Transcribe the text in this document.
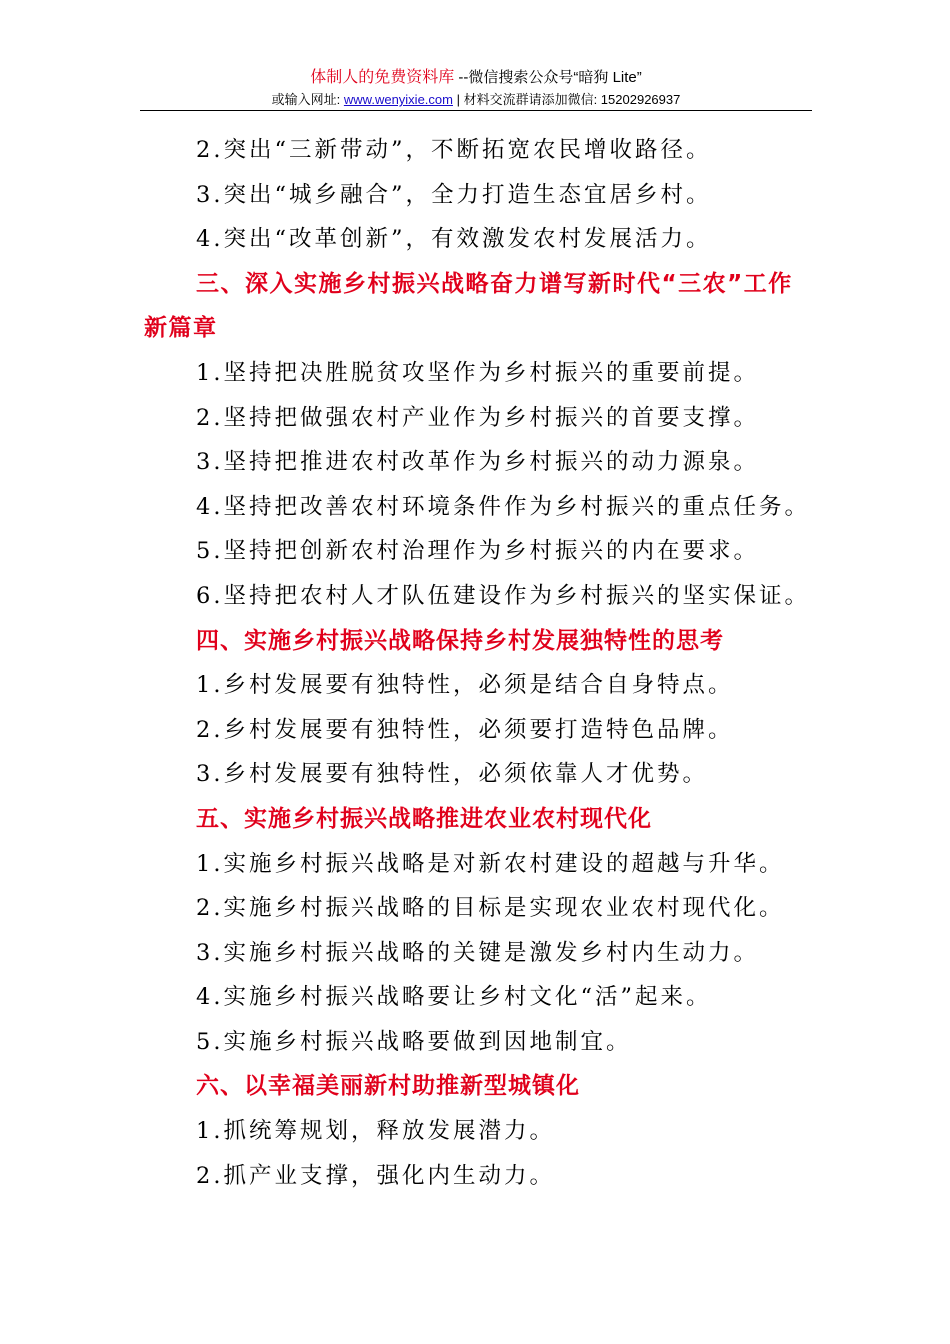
体制人的免费资料库 --微信搜索公众号“暗狗 Lite”
或输入网址: www.wenyixie.com | 材料交流群请添加微信: 15202926937
2.突出“三新带动”，不断拓宽农民增收路径。
3.突出“城乡融合”，全力打造生态宜居乡村。
4.突出“改革创新”，有效激发农村发展活力。
三、深入实施乡村振兴战略奋力谱写新时代“三农”工作新篇章
1.坚持把决胜脱贫攻坚作为乡村振兴的重要前提。
2.坚持把做强农村产业作为乡村振兴的首要支撑。
3.坚持把推进农村改革作为乡村振兴的动力源泉。
4.坚持把改善农村环境条件作为乡村振兴的重点任务。
5.坚持把创新农村治理作为乡村振兴的内在要求。
6.坚持把农村人才队伍建设作为乡村振兴的坚实保证。
四、实施乡村振兴战略保持乡村发展独特性的思考
1.乡村发展要有独特性，必须是结合自身特点。
2.乡村发展要有独特性，必须要打造特色品牌。
3.乡村发展要有独特性，必须依靠人才优势。
五、实施乡村振兴战略推进农业农村现代化
1.实施乡村振兴战略是对新农村建设的超越与升华。
2.实施乡村振兴战略的目标是实现农业农村现代化。
3.实施乡村振兴战略的关键是激发乡村内生动力。
4.实施乡村振兴战略要让乡村文化“活”起来。
5.实施乡村振兴战略要做到因地制宜。
六、以幸福美丽新村助推新型城镇化
1.抓统筹规划，释放发展潜力。
2.抓产业支撑，强化内生动力。
